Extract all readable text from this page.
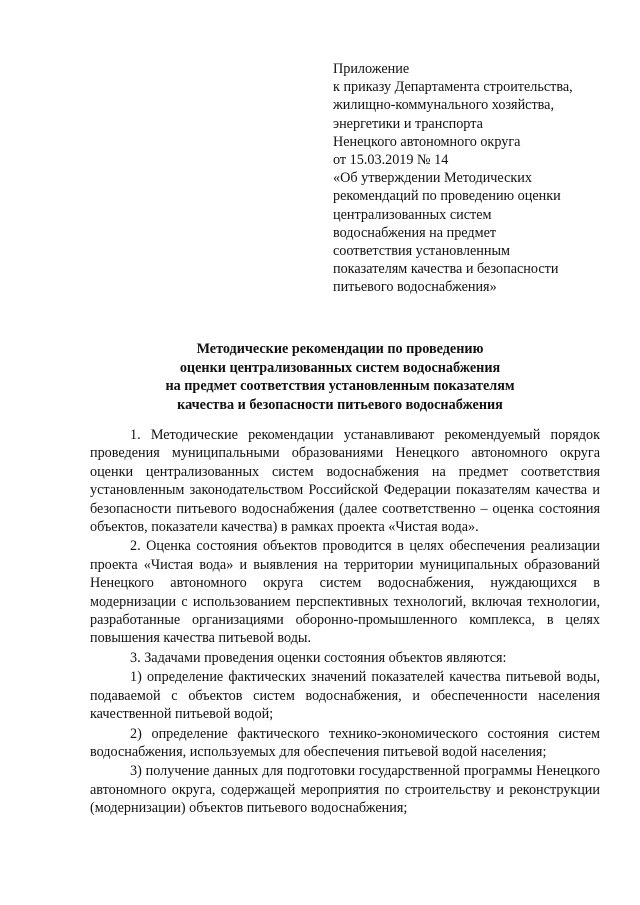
Приложение
к приказу Департамента строительства,
жилищно-коммунального хозяйства,
энергетики и транспорта
Ненецкого автономного округа
от 15.03.2019 № 14
«Об утверждении Методических
рекомендаций по проведению оценки
централизованных систем
водоснабжения на предмет
соответствия установленным
показателям качества и безопасности
питьевого водоснабжения»
Методические рекомендации по проведению
оценки централизованных систем водоснабжения
на предмет соответствия установленным показателям
качества и безопасности питьевого водоснабжения

1. Методические рекомендации устанавливают рекомендуемый порядок проведения муниципальными образованиями Ненецкого автономного округа оценки централизованных систем водоснабжения на предмет соответствия установленным законодательством Российской Федерации показателям качества и безопасности питьевого водоснабжения (далее соответственно – оценка состояния объектов, показатели качества) в рамках проекта «Чистая вода».

2. Оценка состояния объектов проводится в целях обеспечения реализации проекта «Чистая вода» и выявления на территории муниципальных образований Ненецкого автономного округа систем водоснабжения, нуждающихся в модернизации с использованием перспективных технологий, включая технологии, разработанные организациями оборонно-промышленного комплекса, в целях повышения качества питьевой воды.

3. Задачами проведения оценки состояния объектов являются:

1) определение фактических значений показателей качества питьевой воды, подаваемой с объектов систем водоснабжения, и обеспеченности населения качественной питьевой водой;

2) определение фактического технико-экономического состояния систем водоснабжения, используемых для обеспечения питьевой водой населения;

3) получение данных для подготовки государственной программы Ненецкого автономного округа, содержащей мероприятия по строительству и реконструкции (модернизации) объектов питьевого водоснабжения;
